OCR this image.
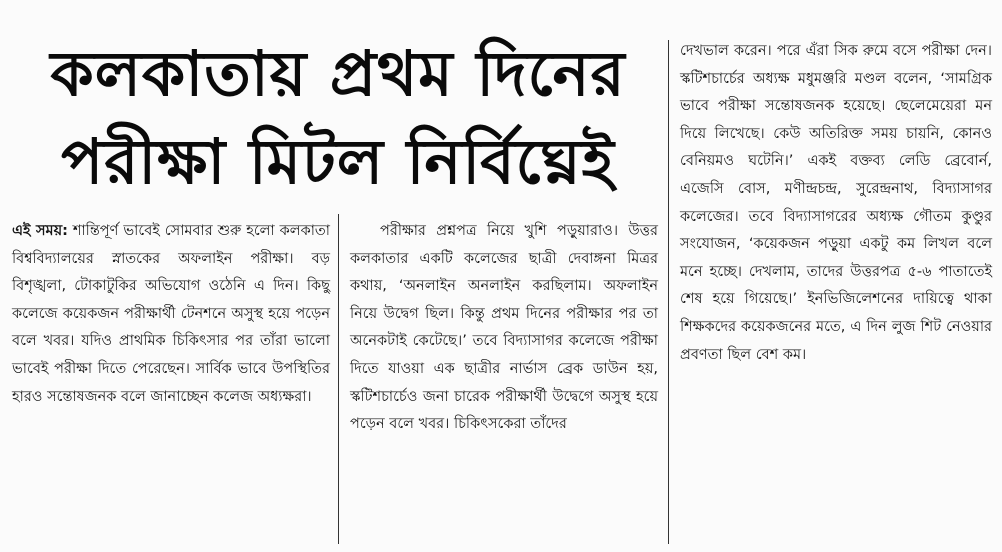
কলকাতায় প্রথম দিনের
পরীক্ষা মিটল নির্বিঘ্নেই

এই সময়: শান্তিপূর্ণ ভাবেই সোমবার শুরু হলো কলকাতা বিশ্ববিদ্যালয়ের স্নাতকের অফলাইন পরীক্ষা। বড় বিশৃঙ্খলা, টোকাটুকির অভিযোগ ওঠেনি এ দিন। কিছু কলেজে কয়েকজন পরীক্ষার্থী টেনশনে অসুস্থ হয়ে পড়েন বলে খবর। যদিও প্রাথমিক চিকিৎসার পর তাঁরা ভালো ভাবেই পরীক্ষা দিতে পেরেছেন। সার্বিক ভাবে উপস্থিতির হারও সন্তোষজনক বলে জানাচ্ছেন কলেজ অধ্যক্ষরা।

পরীক্ষার প্রশ্নপত্র নিয়ে খুশি পড়ুয়ারাও। উত্তর কলকাতার একটি কলেজের ছাত্রী দেবাঙ্গনা মিত্রর কথায়, ‘অনলাইন অনলাইন করছিলাম। অফলাইন নিয়ে উদ্বেগ ছিল। কিন্তু প্রথম দিনের পরীক্ষার পর তা অনেকটাই কেটেছে।’ তবে বিদ্যাসাগর কলেজে পরীক্ষা দিতে যাওয়া এক ছাত্রীর নার্ভাস ব্রেক ডাউন হয়, স্কটিশচার্চেও জনা চারেক পরীক্ষার্থী উদ্বেগে অসুস্থ হয়ে পড়েন বলে খবর। চিকিৎসকেরা তাঁদের

দেখভাল করেন। পরে এঁরা সিক রুমে বসে পরীক্ষা দেন। স্কটিশচার্চের অধ্যক্ষ মধুমঞ্জরি মণ্ডল বলেন, ‘সামগ্রিক ভাবে পরীক্ষা সন্তোষজনক হয়েছে। ছেলেমেয়েরা মন দিয়ে লিখেছে। কেউ অতিরিক্ত সময় চায়নি, কোনও বেনিয়মও ঘটেনি।’ একই বক্তব্য লেডি ব্রেবোর্ন, এজেসি বোস, মণীন্দ্রচন্দ্র, সুরেন্দ্রনাথ, বিদ্যাসাগর কলেজের। তবে বিদ্যাসাগরের অধ্যক্ষ গৌতম কুণ্ডুর সংযোজন, ‘কয়েকজন পড়ুয়া একটু কম লিখল বলে মনে হচ্ছে। দেখলাম, তাদের উত্তরপত্র ৫-৬ পাতাতেই শেষ হয়ে গিয়েছে।’ ইনভিজিলেশনের দায়িত্বে থাকা শিক্ষকদের কয়েকজনের মতে, এ দিন লুজ শিট নেওয়ার প্রবণতা ছিল বেশ কম।
